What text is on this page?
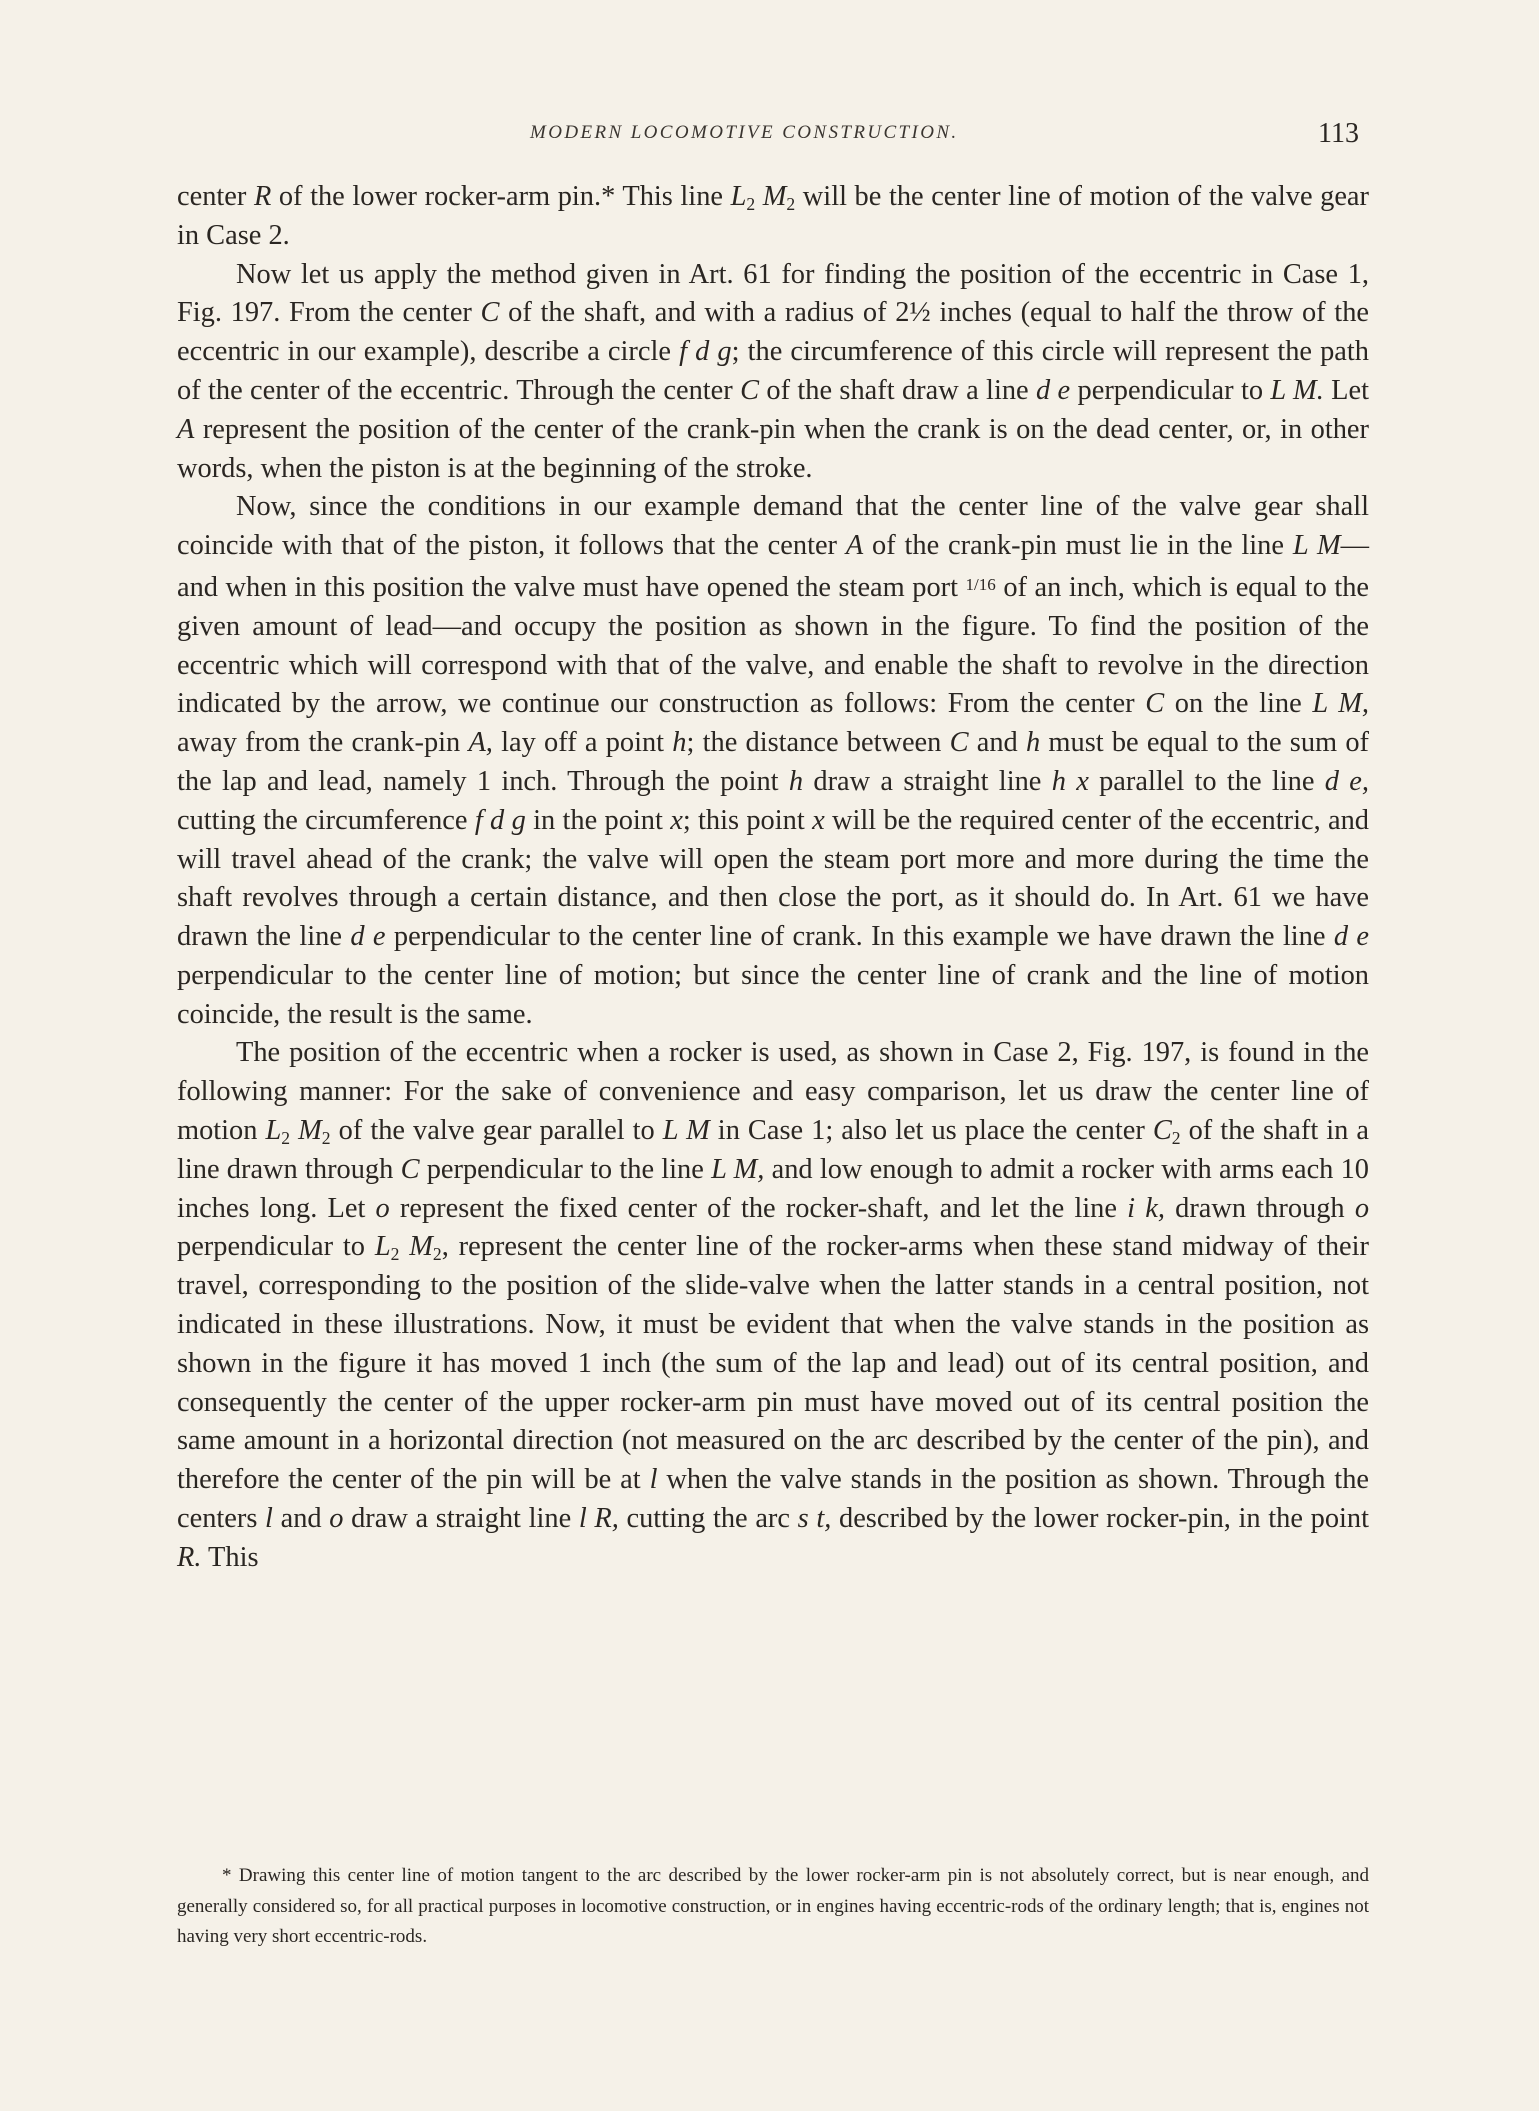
MODERN LOCOMOTIVE CONSTRUCTION.	113

center R of the lower rocker-arm pin.* This line $L_2$ $M_2$ will be the center line of motion of the valve gear in Case 2.

Now let us apply the method given in Art. 61 for finding the position of the eccentric in Case 1, Fig. 197. From the center C of the shaft, and with a radius of 2½ inches (equal to half the throw of the eccentric in our example), describe a circle f d g; the circumference of this circle will represent the path of the center of the eccentric. Through the center C of the shaft draw a line d e perpendicular to L M. Let A represent the position of the center of the crank-pin when the crank is on the dead center, or, in other words, when the piston is at the beginning of the stroke.

Now, since the conditions in our example demand that the center line of the valve gear shall coincide with that of the piston, it follows that the center A of the crank-pin must lie in the line L M—and when in this position the valve must have opened the steam port $^{1/16}$ of an inch, which is equal to the given amount of lead—and occupy the position as shown in the figure. To find the position of the eccentric which will correspond with that of the valve, and enable the shaft to revolve in the direction indicated by the arrow, we continue our construction as follows: From the center C on the line L M, away from the crank-pin A, lay off a point h; the distance between C and h must be equal to the sum of the lap and lead, namely 1 inch. Through the point h draw a straight line h x parallel to the line d e, cutting the circumference f d g in the point x; this point x will be the required center of the eccentric, and will travel ahead of the crank; the valve will open the steam port more and more during the time the shaft revolves through a certain distance, and then close the port, as it should do. In Art. 61 we have drawn the line d e perpendicular to the center line of crank. In this example we have drawn the line d e perpendicular to the center line of motion; but since the center line of crank and the line of motion coincide, the result is the same.

The position of the eccentric when a rocker is used, as shown in Case 2, Fig. 197, is found in the following manner: For the sake of convenience and easy comparison, let us draw the center line of motion $L_2$ $M_2$ of the valve gear parallel to L M in Case 1; also let us place the center $C_2$ of the shaft in a line drawn through C perpendicular to the line L M, and low enough to admit a rocker with arms each 10 inches long. Let o represent the fixed center of the rocker-shaft, and let the line i k, drawn through o perpendicular to $L_2$ $M_2$, represent the center line of the rocker-arms when these stand midway of their travel, corresponding to the position of the slide-valve when the latter stands in a central position, not indicated in these illustrations. Now, it must be evident that when the valve stands in the position as shown in the figure it has moved 1 inch (the sum of the lap and lead) out of its central position, and consequently the center of the upper rocker-arm pin must have moved out of its central position the same amount in a horizontal direction (not measured on the arc described by the center of the pin), and therefore the center of the pin will be at l when the valve stands in the position as shown. Through the centers l and o draw a straight line l R, cutting the arc s t, described by the lower rocker-pin, in the point R. This

* Drawing this center line of motion tangent to the arc described by the lower rocker-arm pin is not absolutely correct, but is near enough, and generally considered so, for all practical purposes in locomotive construction, or in engines having eccentric-rods of the ordinary length; that is, engines not having very short eccentric-rods.
